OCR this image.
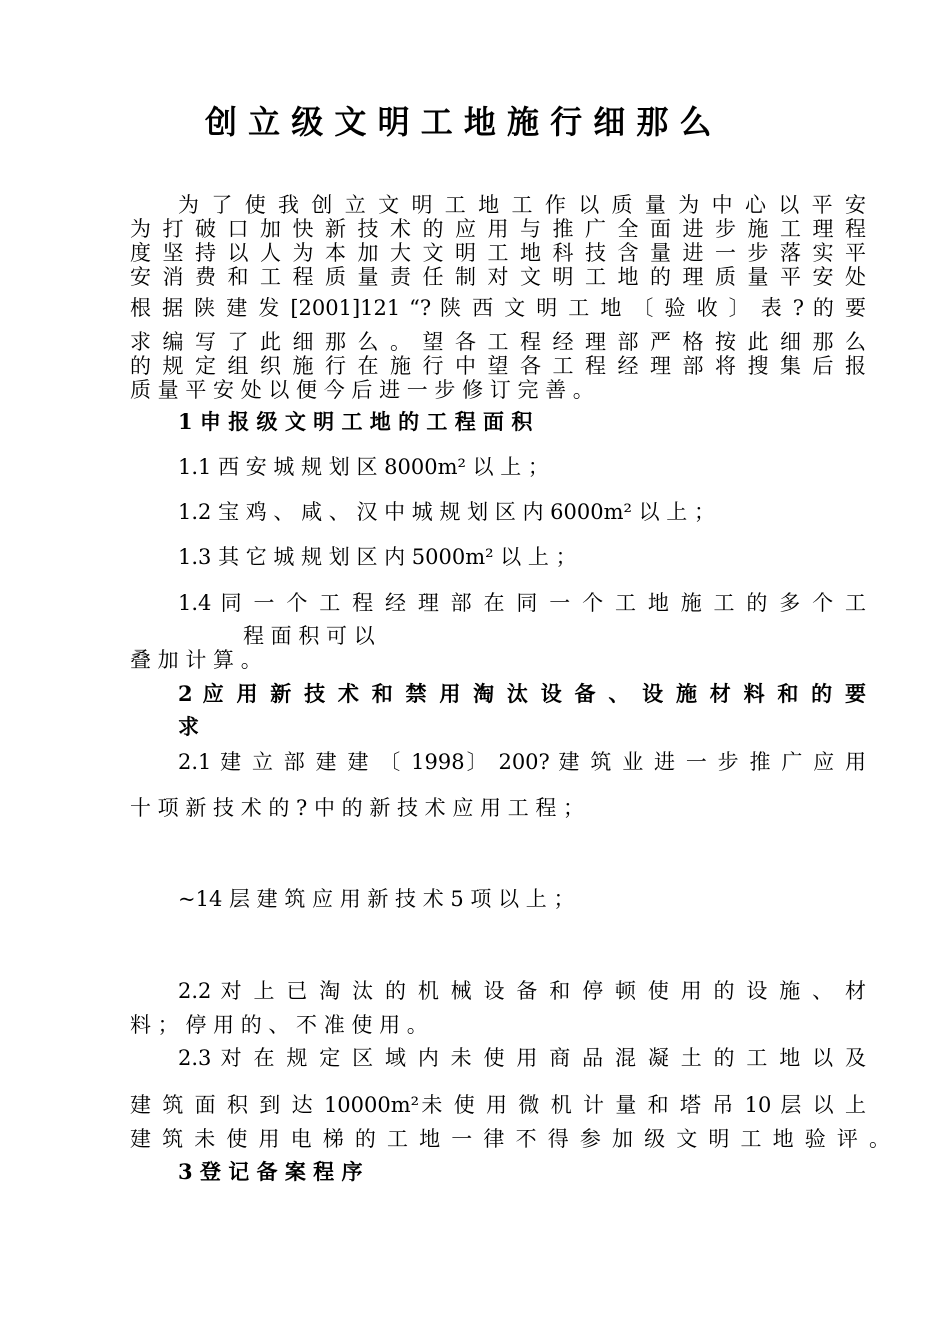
创 立 级 文 明 工 地 施 行 细 那 么
为 了 使 我 创 立 文 明 工 地 工 作 以 质 量 为 中 心 以 平 安
为 打 破 口 加 快 新 技 术 的 应 用 与 推 广 全 面 进 步 施 工 理 程
度 坚 持 以 人 为 本 加 大 文 明 工 地 科 技 含 量 进 一 步 落 实 平
安 消 费 和 工 程 质 量 责 任 制 对 文 明 工 地 的 理 质 量 平 安 处
根 据 陕 建 发 [2001]121 “? 陕 西 文 明 工 地 〔 验 收 〕 表 ? 的 要
求 编 写 了 此 细 那 么 。 望 各 工 程 经 理 部 严 格 按 此 细 那 么
的 规 定 组 织 施 行 在 施 行 中 望 各 工 程 经 理 部 将 搜 集 后 报
质 量 平 安 处 以 便 今 后 进 一 步 修 订 完 善 。
1 申 报 级 文 明 工 地 的 工 程 面 积
1.1 西 安 城 规 划 区 8000m² 以 上 ；
1.2 宝 鸡 、 咸 、 汉 中 城 规 划 区 内 6000m² 以 上 ；
1.3 其 它 城 规 划 区 内 5000m² 以 上 ；
1.4 同 一 个 工 程 经 理 部 在 同 一 个 工 地 施 工 的 多 个 工
程 面 积 可 以
叠 加 计 算 。
2 应 用 新 技 术 和 禁 用 淘 汰 设 备 、 设 施 材 料 和 的 要
求
2.1 建 立 部 建 建 〔 1998〕 200? 建 筑 业 进 一 步 推 广 应 用
十 项 新 技 术 的 ? 中 的 新 技 术 应 用 工 程 ；
~14 层 建 筑 应 用 新 技 术 5 项 以 上 ；
2.2 对 上 已 淘 汰 的 机 械 设 备 和 停 顿 使 用 的 设 施 、 材
料 ； 停 用 的 、 不 准 使 用 。
2.3 对 在 规 定 区 域 内 未 使 用 商 品 混 凝 土 的 工 地 以 及
建 筑 面 积 到 达 10000m²未 使 用 微 机 计 量 和 塔 吊 10 层 以 上
建 筑 未 使 用 电 梯 的 工 地 一 律 不 得 参 加 级 文 明 工 地 验 评 。
3 登 记 备 案 程 序
